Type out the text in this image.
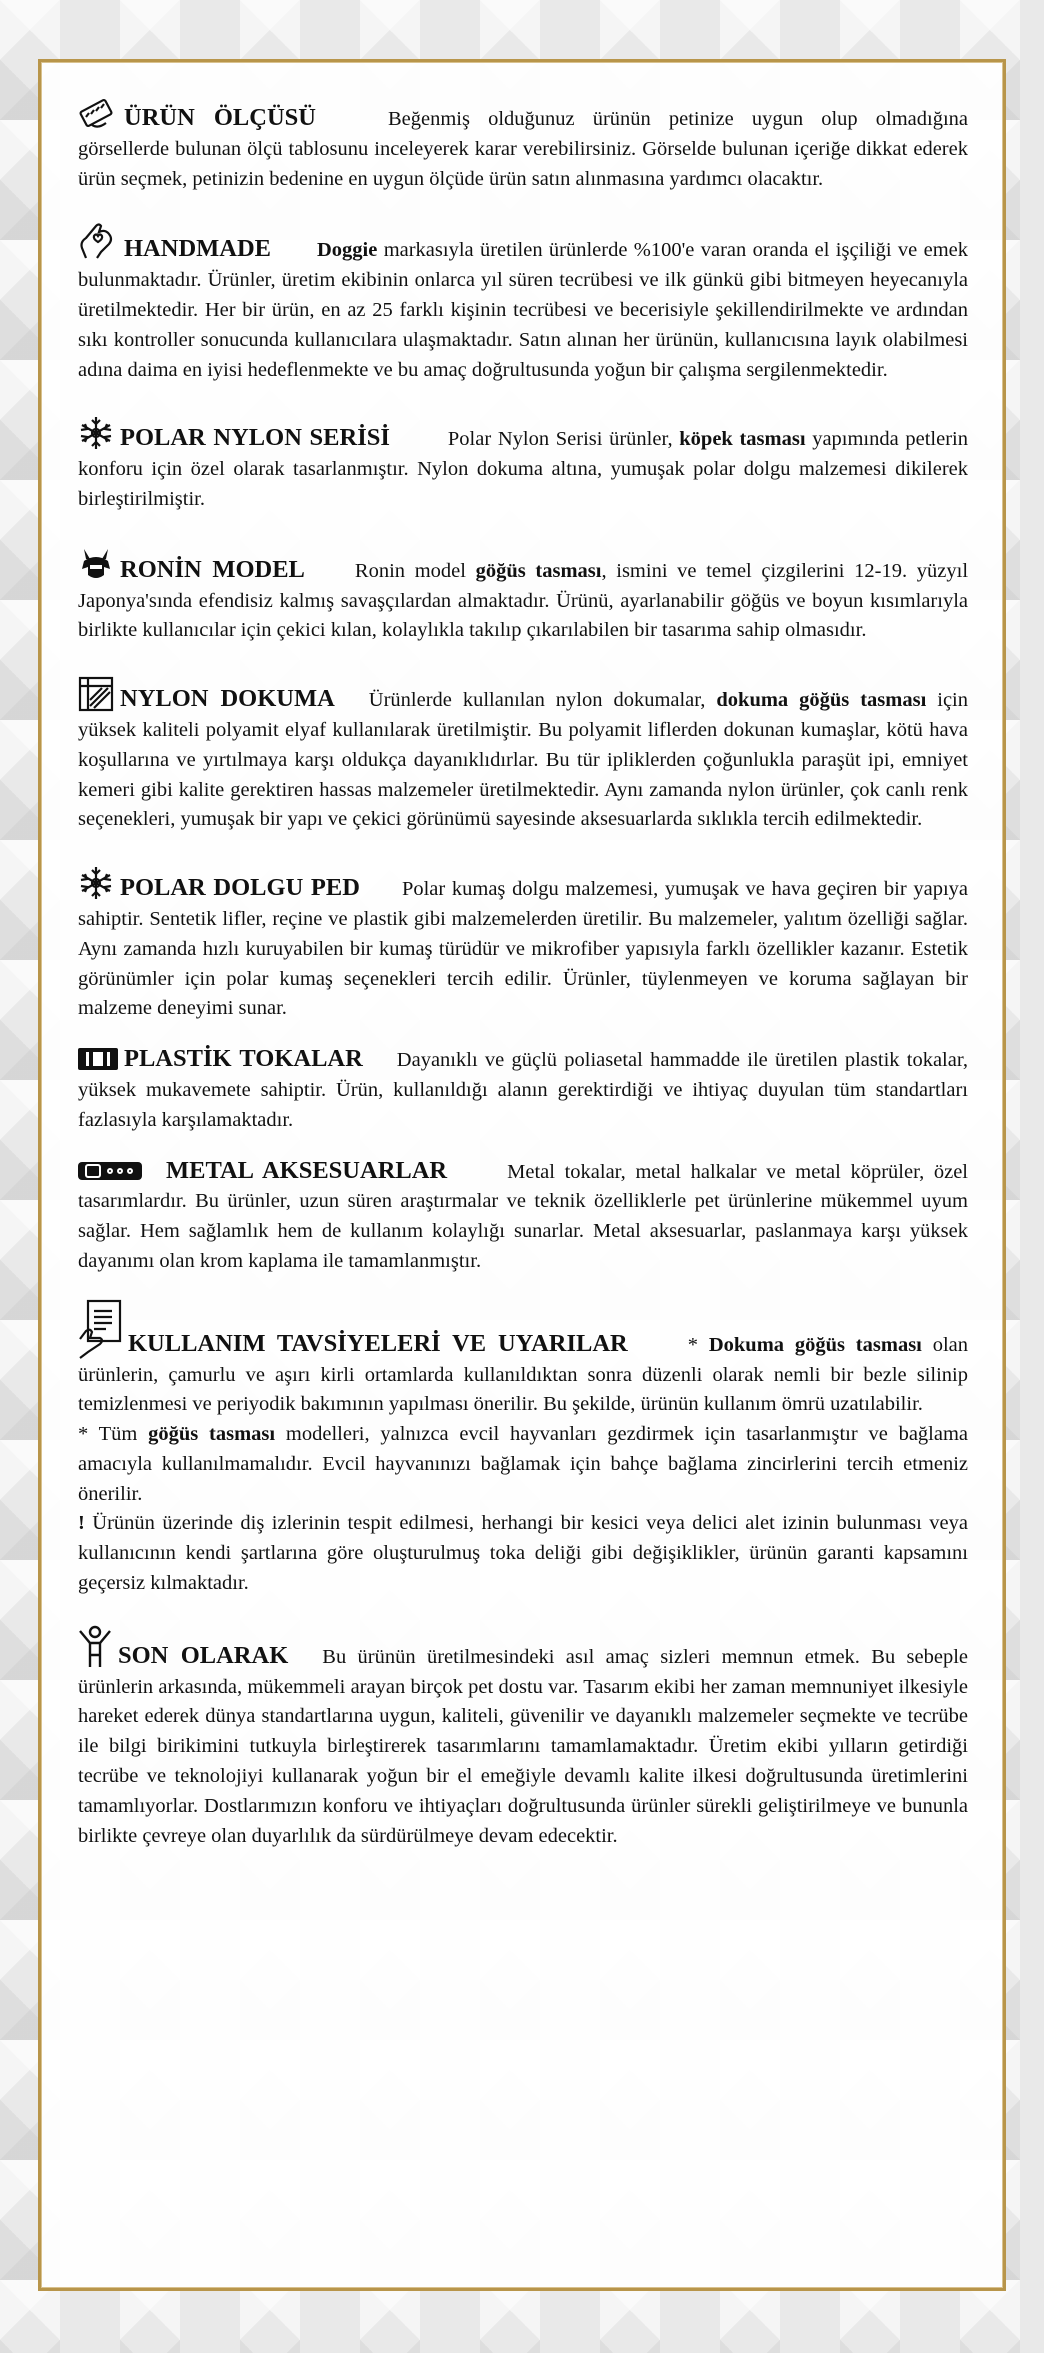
ÜRÜN ÖLÇÜSÜ	Beğenmiş olduğunuz ürünün petinize uygun olup olmadığına görsellerde bulunan ölçü tablosunu inceleyerek karar verebilirsiniz. Görselde bulunan içeriğe dikkat ederek ürün seçmek, petinizin bedenine en uygun ölçüde ürün satın alınmasına yardımcı olacaktır.

HANDMADE Doggie markasıyla üretilen ürünlerde %100'e varan oranda el işçiliği ve emek bulunmaktadır. Ürünler, üretim ekibinin onlarca yıl süren tecrübesi ve ilk günkü gibi bitmeyen heyecanıyla üretilmektedir. Her bir ürün, en az 25 farklı kişinin tecrübesi ve becerisiyle şekillendirilmekte ve ardından sıkı kontroller sonucunda kullanıcılara ulaşmaktadır. Satın alınan her ürünün, kullanıcısına layık olabilmesi adına daima en iyisi hedeflenmekte ve bu amaç doğrultusunda yoğun bir çalışma sergilenmektedir.

POLAR NYLON SERİSİ	Polar Nylon Serisi ürünler, köpek tasması yapımında petlerin konforu için özel olarak tasarlanmıştır. Nylon dokuma altına, yumuşak polar dolgu malzemesi dikilerek birleştirilmiştir.

RONİN MODEL Ronin model göğüs tasması, ismini ve temel çizgilerini 12-19. yüzyıl Japonya'sında efendisiz kalmış savaşçılardan almaktadır. Ürünü, ayarlanabilir göğüs ve boyun kısımlarıyla birlikte kullanıcılar için çekici kılan, kolaylıkla takılıp çıkarılabilen bir tasarıma sahip olmasıdır.

NYLON DOKUMA Ürünlerde kullanılan nylon dokumalar, dokuma göğüs tasması için yüksek kaliteli polyamit elyaf kullanılarak üretilmiştir. Bu polyamit liflerden dokunan kumaşlar, kötü hava koşullarına ve yırtılmaya karşı oldukça dayanıklıdırlar. Bu tür ipliklerden çoğunlukla paraşüt ipi, emniyet kemeri gibi kalite gerektiren hassas malzemeler üretilmektedir. Aynı zamanda nylon ürünler, çok canlı renk seçenekleri, yumuşak bir yapı ve çekici görünümü sayesinde aksesuarlarda sıklıkla tercih edilmektedir.

POLAR DOLGU PED Polar kumaş dolgu malzemesi, yumuşak ve hava geçiren bir yapıya sahiptir. Sentetik lifler, reçine ve plastik gibi malzemelerden üretilir. Bu malzemeler, yalıtım özelliği sağlar. Aynı zamanda hızlı kuruyabilen bir kumaş türüdür ve mikrofiber yapısıyla farklı özellikler kazanır. Estetik görünümler için polar kumaş seçenekleri tercih edilir. Ürünler, tüylenmeyen ve koruma sağlayan bir malzeme deneyimi sunar.

PLASTİK TOKALAR Dayanıklı ve güçlü poliasetal hammadde ile üretilen plastik tokalar, yüksek mukavemete sahiptir. Ürün, kullanıldığı alanın gerektirdiği ve ihtiyaç duyulan tüm standartları fazlasıyla karşılamaktadır.

METAL AKSESUARLAR	Metal tokalar, metal halkalar ve metal köprüler, özel tasarımlardır. Bu ürünler, uzun süren araştırmalar ve teknik özelliklerle pet ürünlerine mükemmel uyum sağlar. Hem sağlamlık hem de kullanım kolaylığı sunarlar. Metal aksesuarlar, paslanmaya karşı yüksek dayanımı olan krom kaplama ile tamamlanmıştır.

KULLANIM TAVSİYELERİ VE UYARILAR	* Dokuma göğüs tasması olan ürünlerin, çamurlu ve aşırı kirli ortamlarda kullanıldıktan sonra düzenli olarak nemli bir bezle silinip temizlenmesi ve periyodik bakımının yapılması önerilir. Bu şekilde, ürünün kullanım ömrü uzatılabilir.
* Tüm göğüs tasması modelleri, yalnızca evcil hayvanları gezdirmek için tasarlanmıştır ve bağlama amacıyla kullanılmamalıdır. Evcil hayvanınızı bağlamak için bahçe bağlama zincirlerini tercih etmeniz önerilir.
! Ürünün üzerinde diş izlerinin tespit edilmesi, herhangi bir kesici veya delici alet izinin bulunması veya kullanıcının kendi şartlarına göre oluşturulmuş toka deliği gibi değişiklikler, ürünün garanti kapsamını geçersiz kılmaktadır.

SON OLARAK Bu ürünün üretilmesindeki asıl amaç sizleri memnun etmek. Bu sebeple ürünlerin arkasında, mükemmeli arayan birçok pet dostu var. Tasarım ekibi her zaman memnuniyet ilkesiyle hareket ederek dünya standartlarına uygun, kaliteli, güvenilir ve dayanıklı malzemeler seçmekte ve tecrübe ile bilgi birikimini tutkuyla birleştirerek tasarımlarını tamamlamaktadır. Üretim ekibi yılların getirdiği tecrübe ve teknolojiyi kullanarak yoğun bir el emeğiyle devamlı kalite ilkesi doğrultusunda üretimlerini tamamlıyorlar. Dostlarımızın konforu ve ihtiyaçları doğrultusunda ürünler sürekli geliştirilmeye ve bununla birlikte çevreye olan duyarlılık da sürdürülmeye devam edecektir.
